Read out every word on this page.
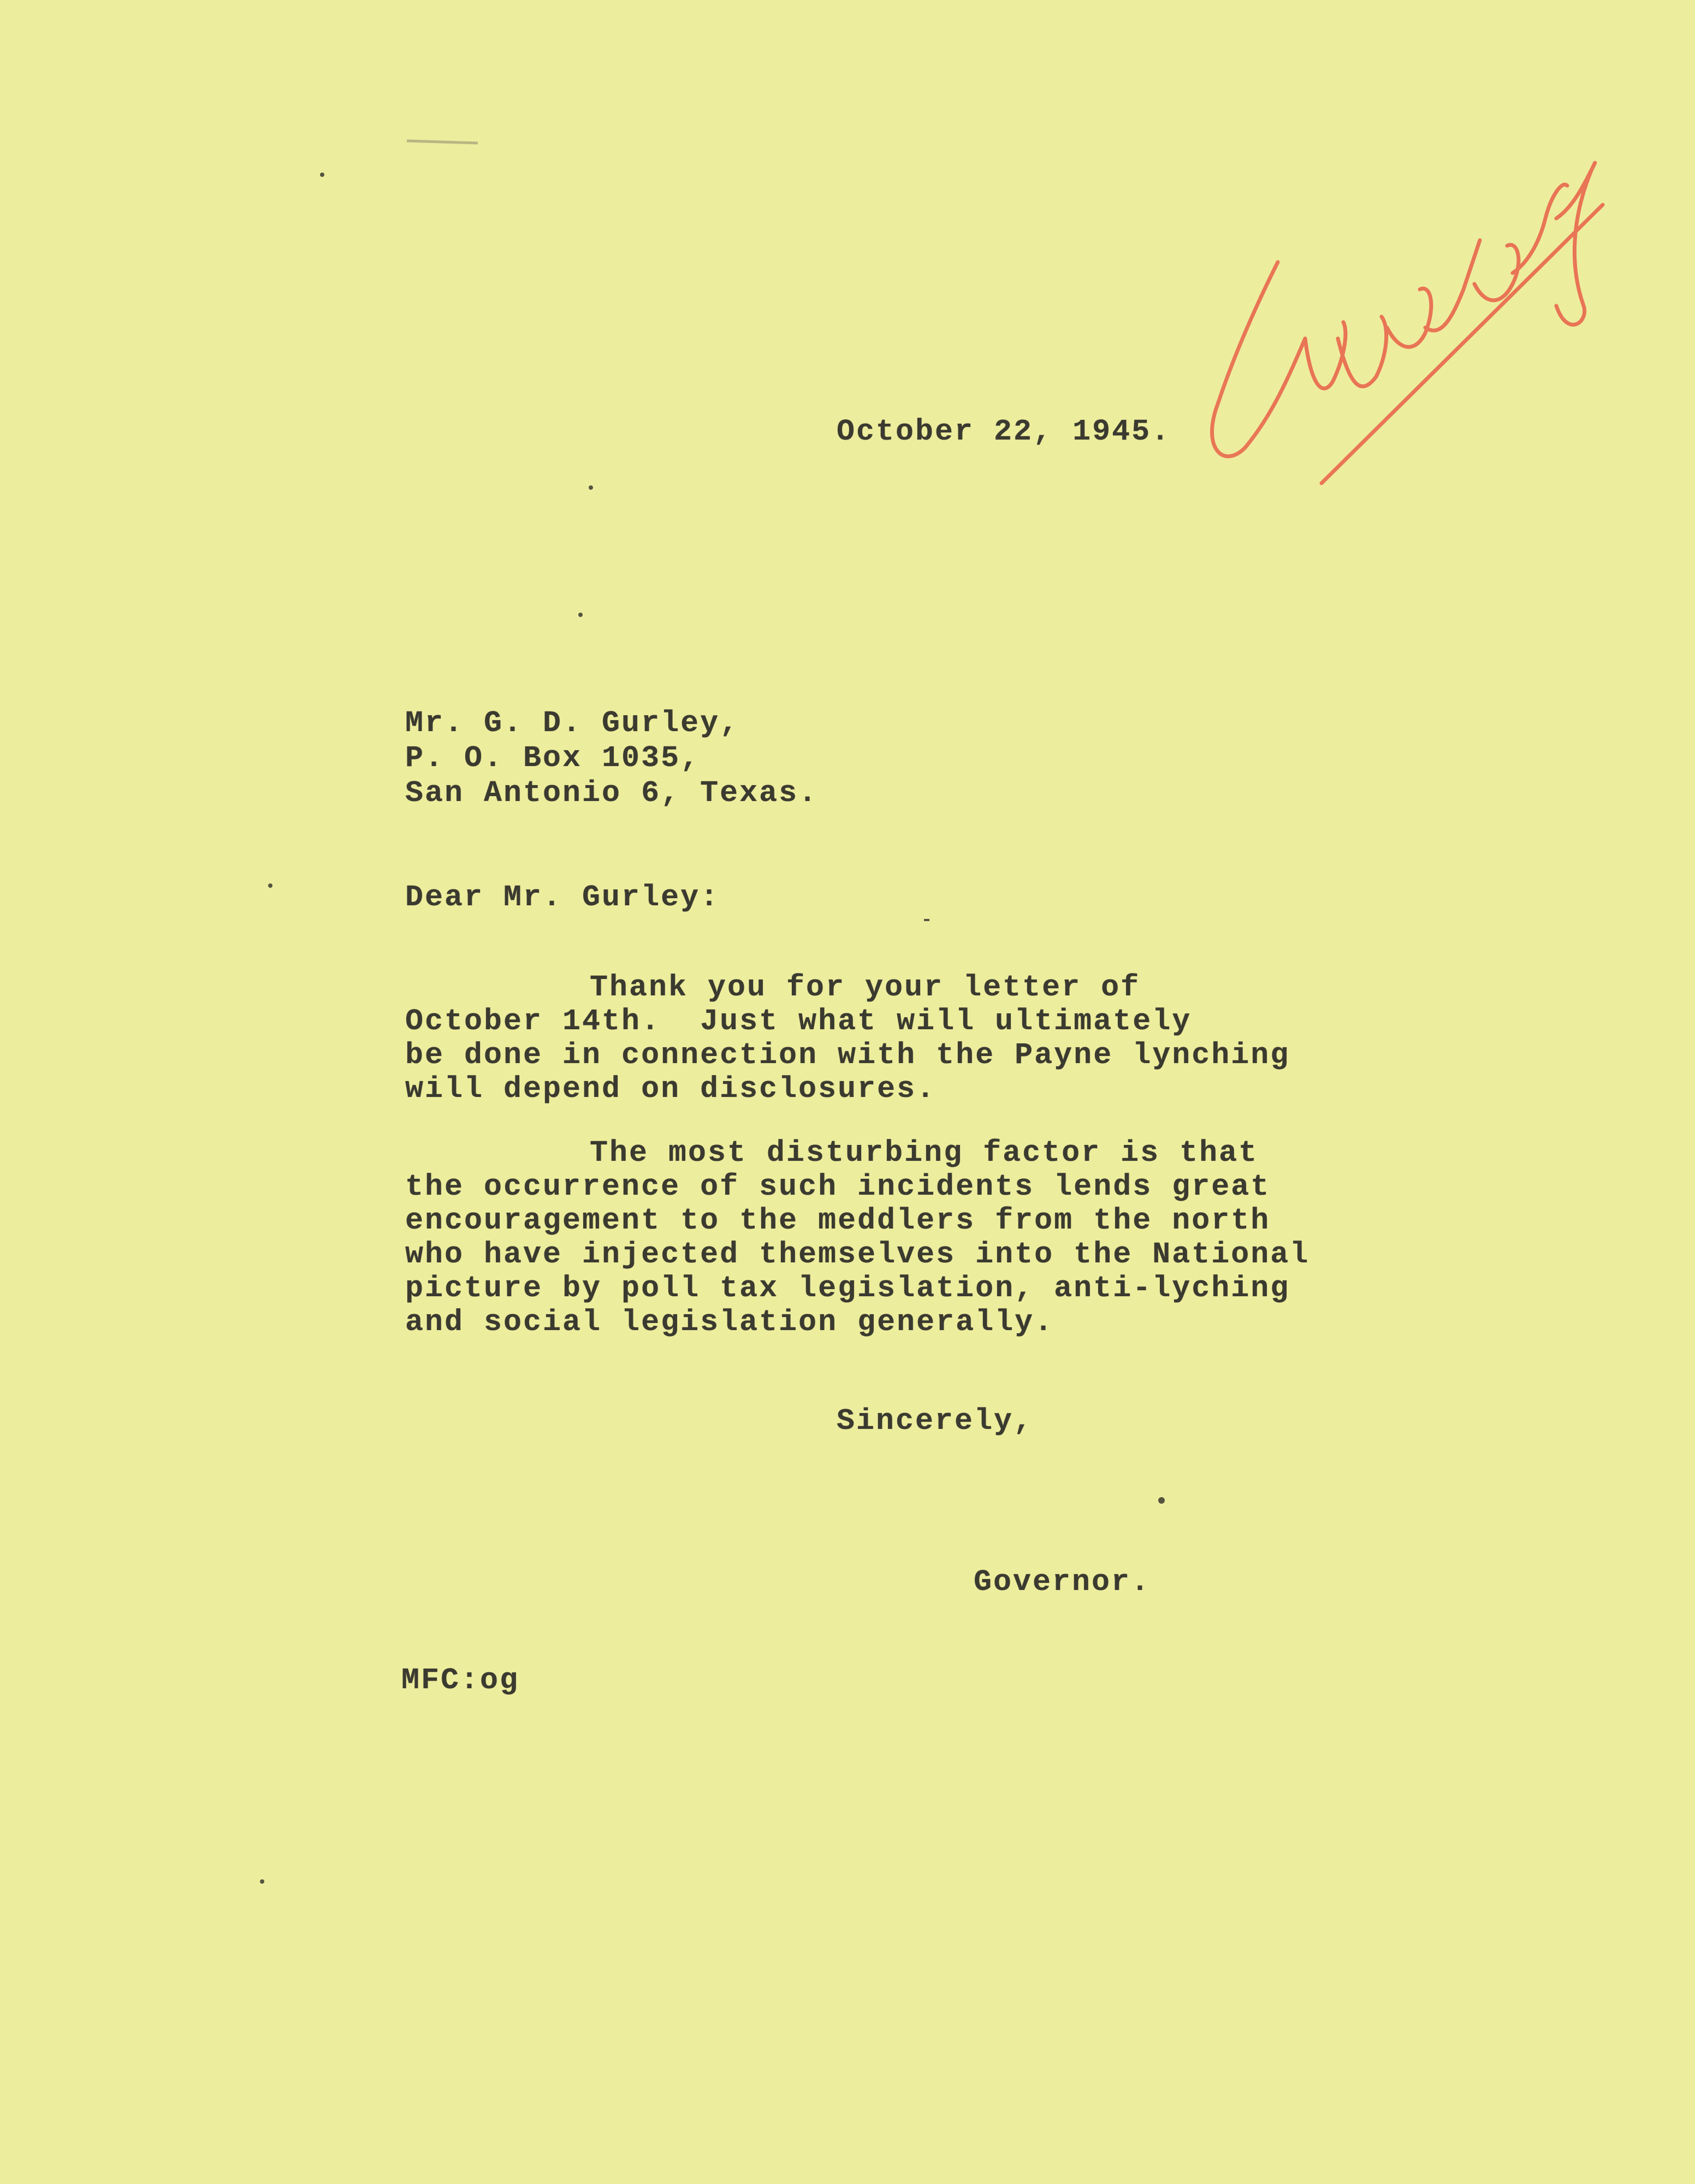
October 22, 1945.
Mr. G. D. Gurley,
P. O. Box 1035,
San Antonio 6, Texas.
Dear Mr. Gurley:
Thank you for your letter of
October 14th.  Just what will ultimately
be done in connection with the Payne lynching
will depend on disclosures.
The most disturbing factor is that
the occurrence of such incidents lends great
encouragement to the meddlers from the north
who have injected themselves into the National
picture by poll tax legislation, anti-lyching
and social legislation generally.
Sincerely,
Governor.
MFC:og
